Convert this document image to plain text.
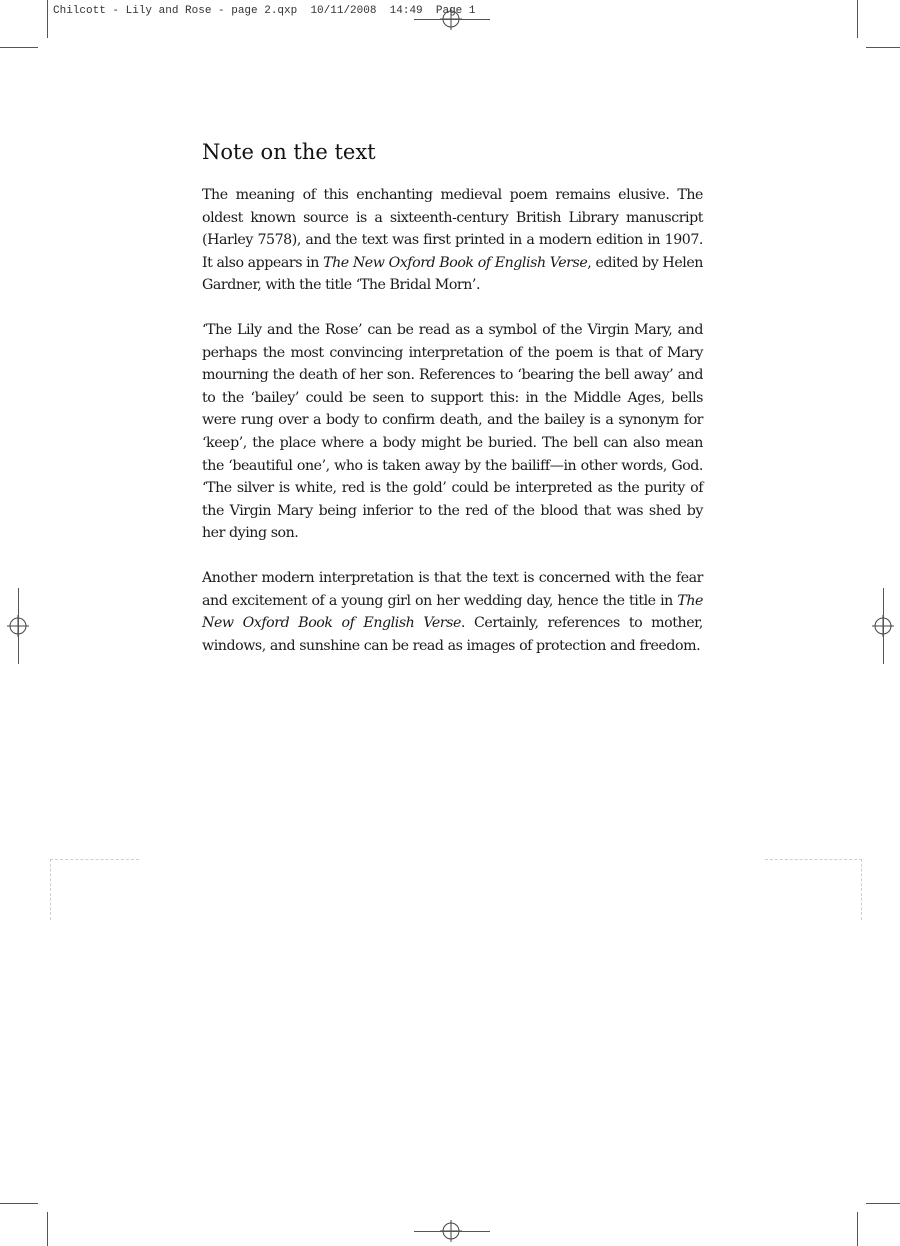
Chilcott - Lily and Rose - page 2.qxp  10/11/2008  14:49  Page 1
Note on the text

The meaning of this enchanting medieval poem remains elusive. The oldest known source is a sixteenth-century British Library manuscript (Harley 7578), and the text was first printed in a modern edition in 1907. It also appears in The New Oxford Book of English Verse, edited by Helen Gardner, with the title ‘The Bridal Morn’.

‘The Lily and the Rose’ can be read as a symbol of the Virgin Mary, and perhaps the most convincing interpretation of the poem is that of Mary mourning the death of her son. References to ‘bearing the bell away’ and to the ‘bailey’ could be seen to support this: in the Middle Ages, bells were rung over a body to confirm death, and the bailey is a synonym for ‘keep’, the place where a body might be buried. The bell can also mean the ‘beautiful one’, who is taken away by the bailiff—in other words, God. ‘The silver is white, red is the gold’ could be interpreted as the purity of the Virgin Mary being inferior to the red of the blood that was shed by her dying son.

Another modern interpretation is that the text is concerned with the fear and excitement of a young girl on her wedding day, hence the title in The New Oxford Book of English Verse. Certainly, references to mother, windows, and sunshine can be read as images of protection and freedom.
